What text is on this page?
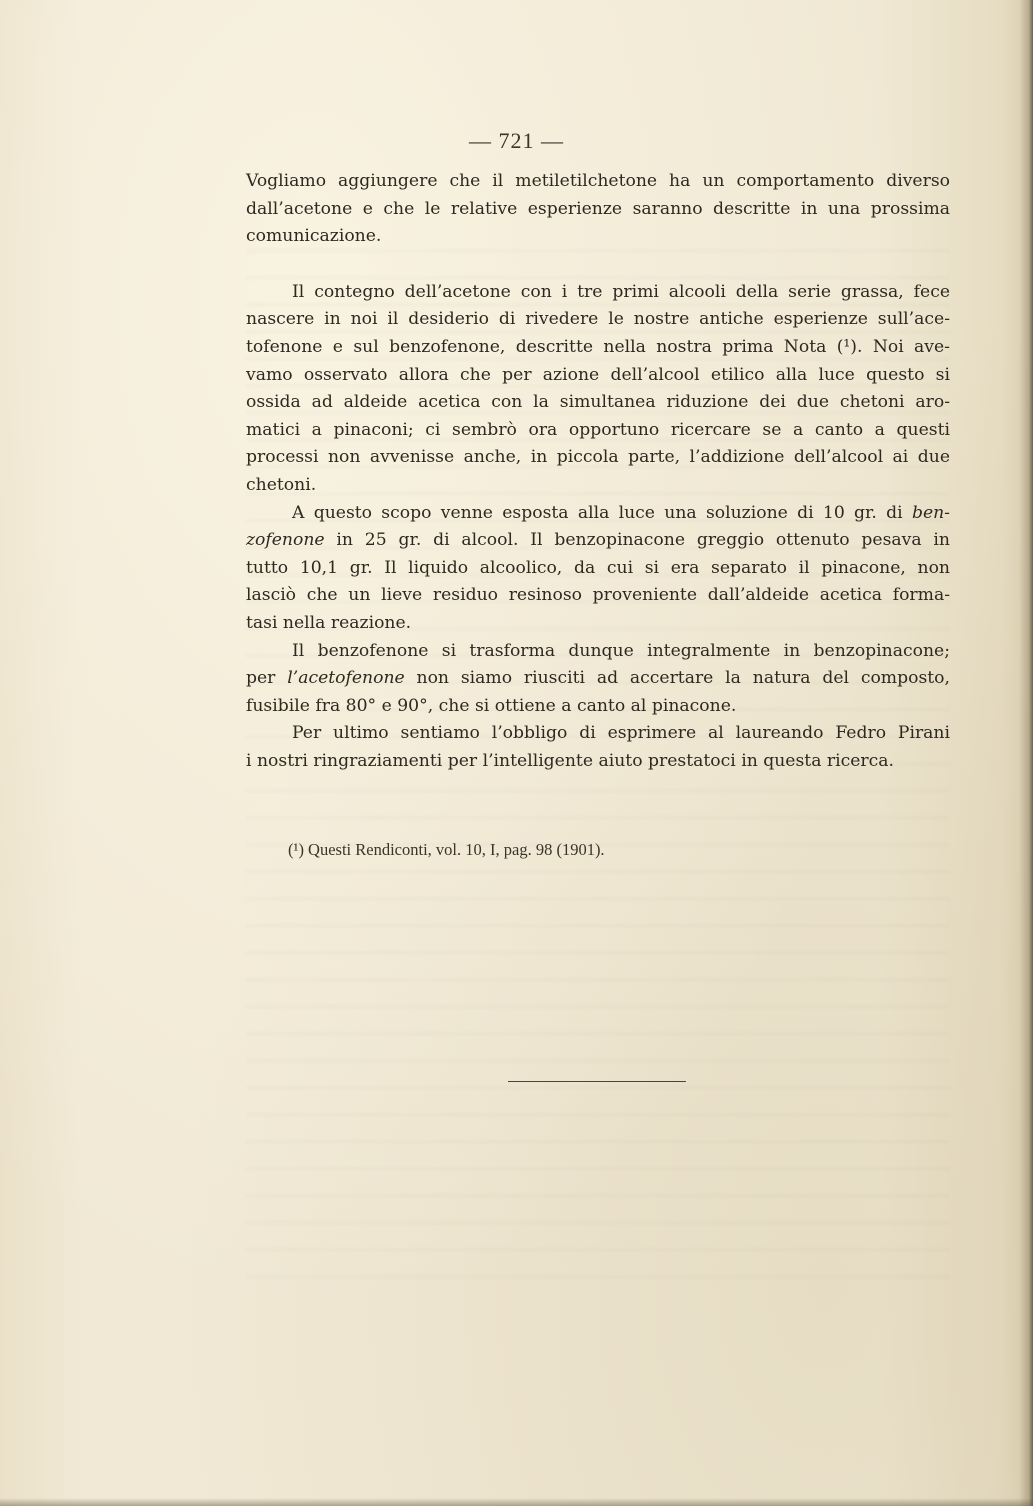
— 721 —
Vogliamo aggiungere che il metiletilchetone ha un comportamento diverso
dall’acetone e che le relative esperienze saranno descritte in una prossima
comunicazione.
Il contegno dell’acetone con i tre primi alcooli della serie grassa, fece
nascere in noi il desiderio di rivedere le nostre antiche esperienze sull’ace-
tofenone e sul benzofenone, descritte nella nostra prima Nota (¹). Noi ave-
vamo osservato allora che per azione dell’alcool etilico alla luce questo si
ossida ad aldeide acetica con la simultanea riduzione dei due chetoni aro-
matici a pinaconi; ci sembrò ora opportuno ricercare se a canto a questi
processi non avvenisse anche, in piccola parte, l’addizione dell’alcool ai due
chetoni.
A questo scopo venne esposta alla luce una soluzione di 10 gr. di ben-
zofenone in 25 gr. di alcool. Il benzopinacone greggio ottenuto pesava in
tutto 10,1 gr. Il liquido alcoolico, da cui si era separato il pinacone, non
lasciò che un lieve residuo resinoso proveniente dall’aldeide acetica forma-
tasi nella reazione.
Il benzofenone si trasforma dunque integralmente in benzopinacone;
per l’acetofenone non siamo riusciti ad accertare la natura del composto,
fusibile fra 80° e 90°, che si ottiene a canto al pinacone.
Per ultimo sentiamo l’obbligo di esprimere al laureando Fedro Pirani
i nostri ringraziamenti per l’intelligente aiuto prestatoci in questa ricerca.
(¹) Questi Rendiconti, vol. 10, I, pag. 98 (1901).
